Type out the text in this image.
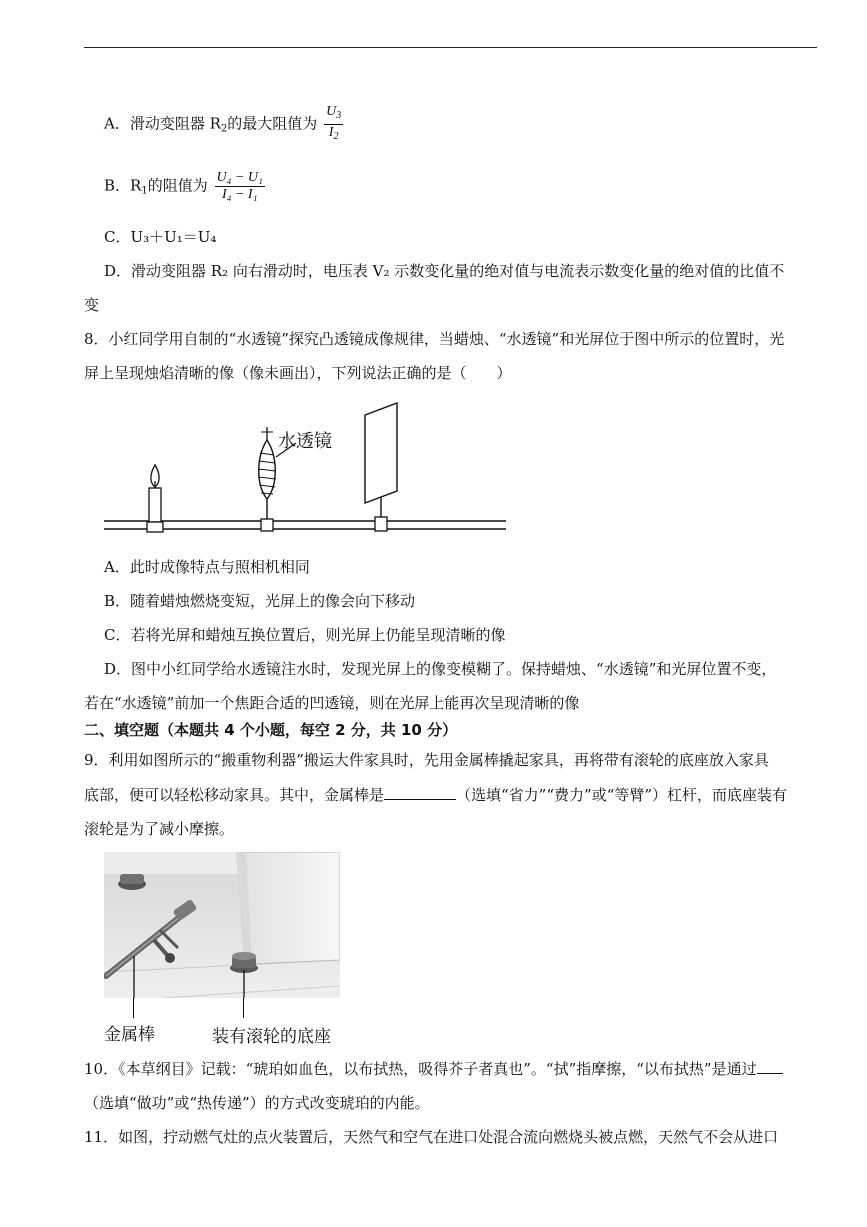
A．滑动变阻器 $R_2$的最大阻值为 $\frac{U_3}{I_2}$
B．$R_1$的阻值为 $\frac{\text{U₄ − U₁}}{\text{I₄ − I₁}}$
C．U₃＋U₁＝U₄
D．滑动变阻器 R₂ 向右滑动时，电压表 V₂ 示数变化量的绝对值与电流表示数变化量的绝对值的比值不
变
8．小红同学用自制的“水透镜”探究凸透镜成像规律，当蜡烛、“水透镜”和光屏位于图中所示的位置时，光
屏上呈现烛焰清晰的像（像未画出），下列说法正确的是（　　）
水透镜
A．此时成像特点与照相机相同
B．随着蜡烛燃烧变短，光屏上的像会向下移动
C．若将光屏和蜡烛互换位置后，则光屏上仍能呈现清晰的像
D．图中小红同学给水透镜注水时，发现光屏上的像变模糊了。保持蜡烛、“水透镜”和光屏位置不变，
若在“水透镜”前加一个焦距合适的凹透镜，则在光屏上能再次呈现清晰的像
二、填空题（本题共 4 个小题，每空 2 分，共 10 分）
9．利用如图所示的“搬重物利器”搬运大件家具时，先用金属棒撬起家具，再将带有滚轮的底座放入家具
底部，便可以轻松移动家具。其中，金属棒是	（选填“省力”“费力”或“等臂”）杠杆，而底座装有
滚轮是为了减小摩擦。
金属棒	装有滚轮的底座
10．《本草纲目》记载：“琥珀如血色，以布拭热，吸得芥子者真也”。“拭”指摩擦，“以布拭热”是通过
（选填“做功”或“热传递”）的方式改变琥珀的内能。
11．如图，拧动燃气灶的点火装置后，天然气和空气在进口处混合流向燃烧头被点燃，天然气不会从进口
